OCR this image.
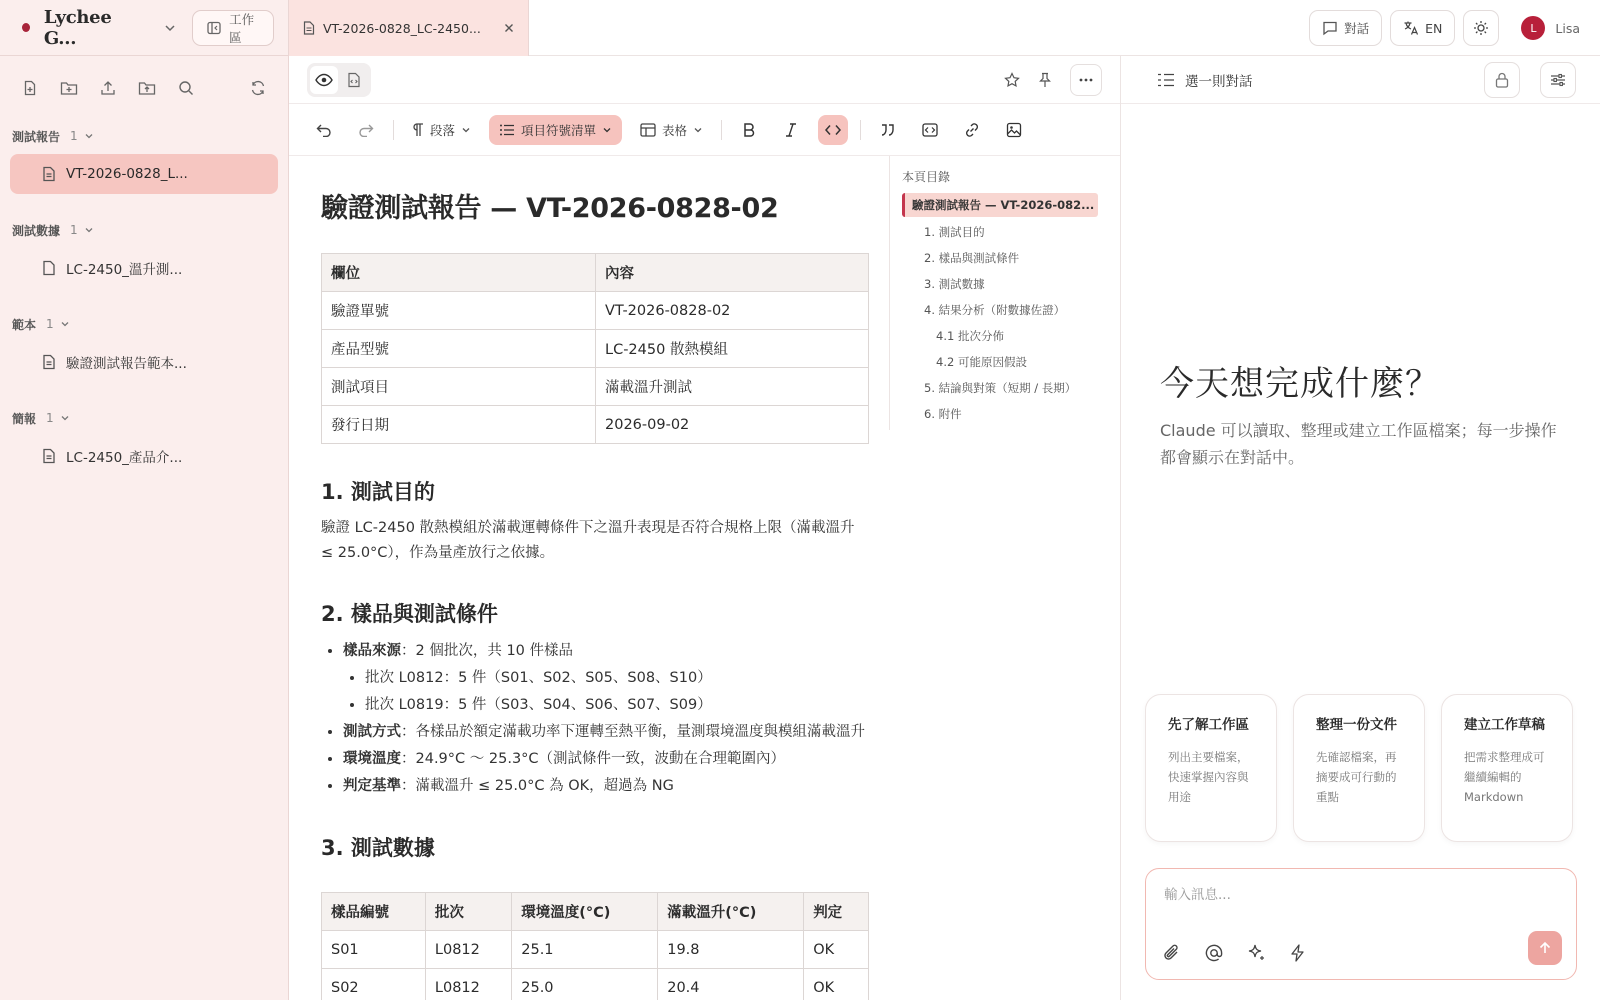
Lychee G...
工作區
測試報告 1
VT-2026-0828_L...
測試數據 1
LC-2450_溫升測...
範本 1
驗證測試報告範本...
簡報 1
LC-2450_產品介...
VT-2026-0828_LC-2450...	對話	EN	L	Lisa
段落	項目符號清單	表格
驗證測試報告 — VT-2026-0828-02
欄位	內容
驗證單號	VT-2026-0828-02
產品型號	LC-2450 散熱模組
測試項目	滿載溫升測試
發行日期	2026-09-02
1. 測試目的

驗證 LC-2450 散熱模組於滿載運轉條件下之溫升表現是否符合規格上限（滿載溫升 ≤ 25.0°C），作為量產放行之依據。

2. 樣品與測試條件
• 樣品來源：2 個批次，共 10 件樣品
• 批次 L0812：5 件（S01、S02、S05、S08、S10）
• 批次 L0819：5 件（S03、S04、S06、S07、S09）
• 測試方式：各樣品於額定滿載功率下運轉至熱平衡，量測環境溫度與模組滿載溫升
• 環境溫度：24.9°C ～ 25.3°C（測試條件一致，波動在合理範圍內）
• 判定基準：滿載溫升 ≤ 25.0°C 為 OK，超過為 NG
3. 測試數據
樣品編號	批次	環境溫度(°C)	滿載溫升(°C)	判定
S01	L0812	25.1	19.8	OK
S02	L0812	25.0	20.4	OK
本頁目錄
驗證測試報告 — VT-2026-082...
1. 測試目的
2. 樣品與測試條件
3. 測試數據
4. 結果分析（附數據佐證）
4.1 批次分佈
4.2 可能原因假設
5. 結論與對策（短期 / 長期）
6. 附件
選一則對話
今天想完成什麼？

Claude 可以讀取、整理或建立工作區檔案；每一步操作都會顯示在對話中。

先了解工作區

列出主要檔案，快速掌握內容與用途

整理一份文件

先確認檔案，再摘要成可行動的重點

建立工作草稿

把需求整理成可繼續編輯的 Markdown

輸入訊息...
